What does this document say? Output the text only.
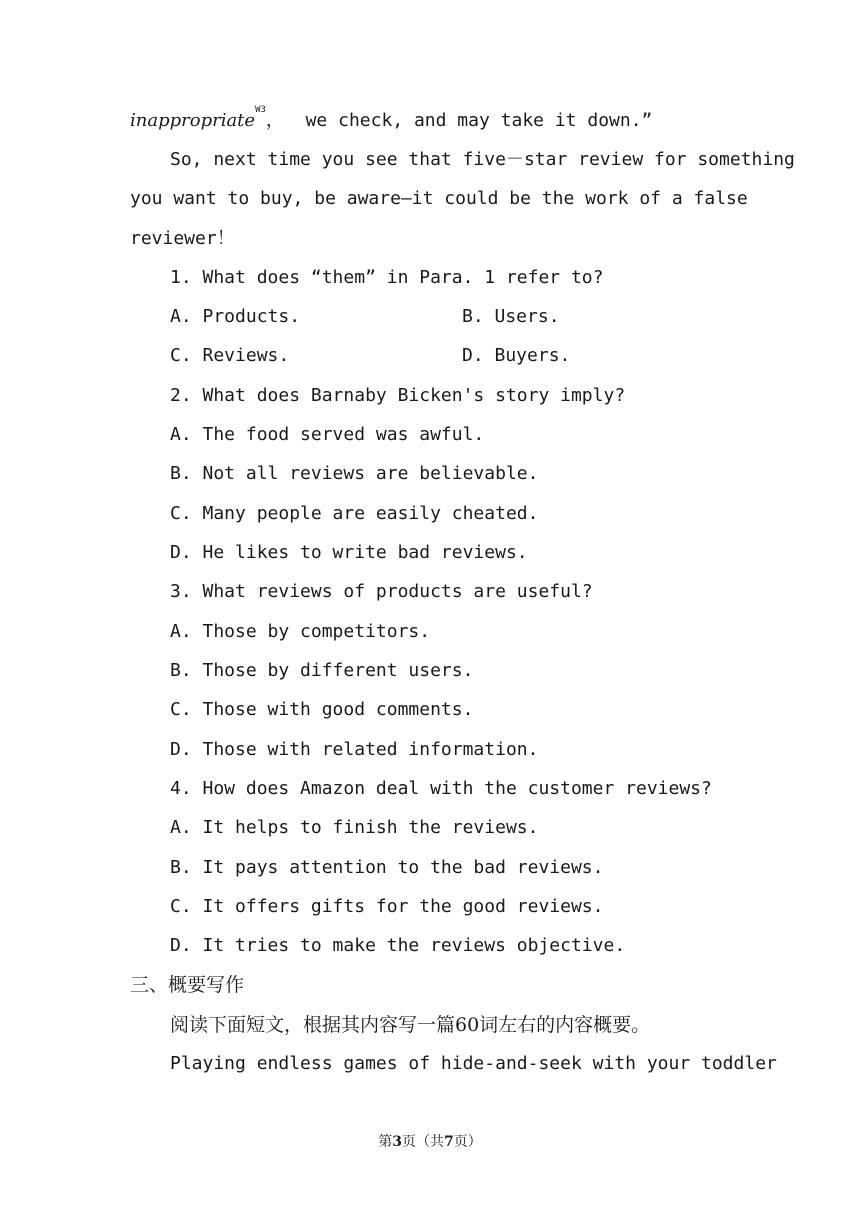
inappropriate$^{W3}$，  we check, and may take it down.”
So, next time you see that five－star review for something
you want to buy, be aware—it could be the work of a false
reviewer！
1. What does “them” in Para. 1 refer to?
A. Products.	B. Users.
C. Reviews.	D. Buyers.
2. What does Barnaby Bicken's story imply?
A. The food served was awful.
B. Not all reviews are believable.
C. Many people are easily cheated.
D. He likes to write bad reviews.
3. What reviews of products are useful?
A. Those by competitors.
B. Those by different users.
C. Those with good comments.
D. Those with related information.
4. How does Amazon deal with the customer reviews?
A. It helps to finish the reviews.
B. It pays attention to the bad reviews.
C. It offers gifts for the good reviews.
D. It tries to make the reviews objective.
三、概要写作
阅读下面短文，根据其内容写一篇60词左右的内容概要。
Playing endless games of hide-and-seek with your toddler
第3页（共7页）
